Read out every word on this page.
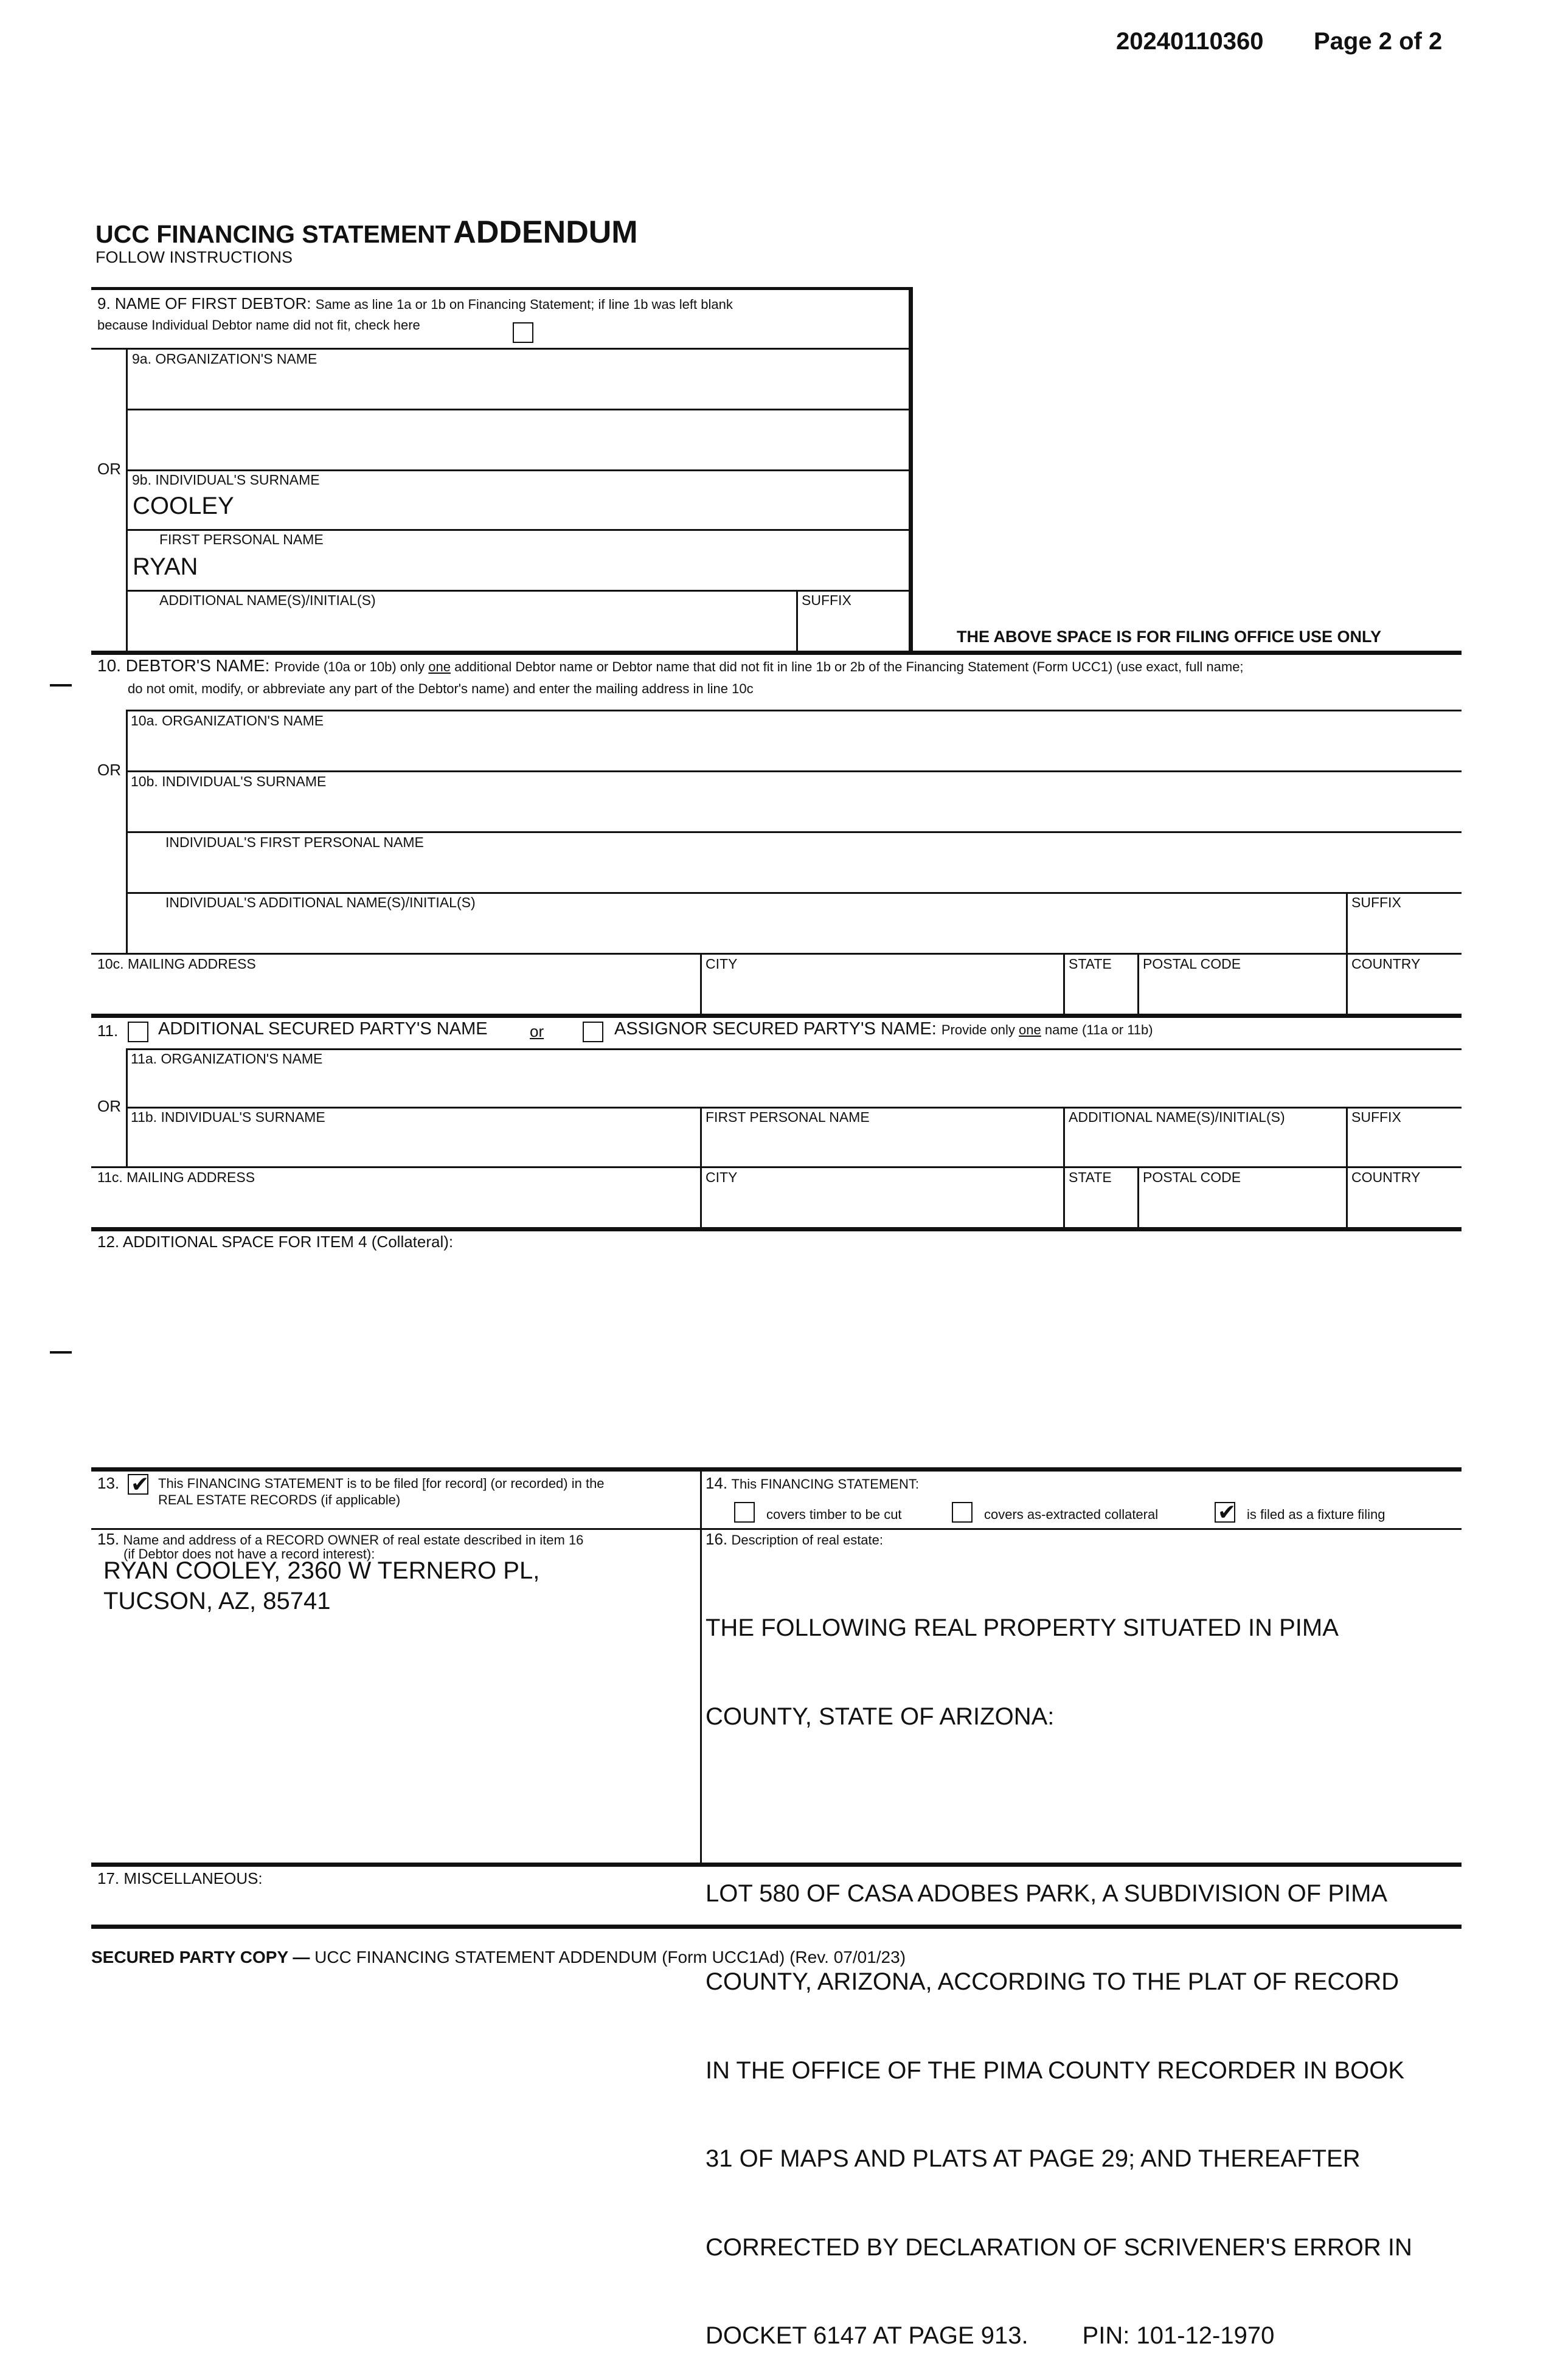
20240110360 Page 2 of 2
UCC FINANCING STATEMENT ADDENDUM
FOLLOW INSTRUCTIONS
9. NAME OF FIRST DEBTOR: Same as line 1a or 1b on Financing Statement; if line 1b was left blank
because Individual Debtor name did not fit, check here
9a. ORGANIZATION'S NAME
OR
9b. INDIVIDUAL'S SURNAME
COOLEY
FIRST PERSONAL NAME
RYAN
ADDITIONAL NAME(S)/INITIAL(S)	SUFFIX
THE ABOVE SPACE IS FOR FILING OFFICE USE ONLY
10. DEBTOR'S NAME: Provide (10a or 10b) only one additional Debtor name or Debtor name that did not fit in line 1b or 2b of the Financing Statement (Form UCC1) (use exact, full name;
do not omit, modify, or abbreviate any part of the Debtor's name) and enter the mailing address in line 10c
10a. ORGANIZATION'S NAME
OR
10b. INDIVIDUAL'S SURNAME
INDIVIDUAL'S FIRST PERSONAL NAME
INDIVIDUAL'S ADDITIONAL NAME(S)/INITIAL(S)	SUFFIX
10c. MAILING ADDRESS	CITY	STATE POSTAL CODE	COUNTRY
11. ADDITIONAL SECURED PARTY'S NAME	or	ASSIGNOR SECURED PARTY'S NAME: Provide only one name (11a or 11b)
11a. ORGANIZATION'S NAME
OR
11b. INDIVIDUAL'S SURNAME	FIRST PERSONAL NAME	ADDITIONAL NAME(S)/INITIAL(S)	SUFFIX
11c. MAILING ADDRESS	CITY	STATE POSTAL CODE	COUNTRY
12. ADDITIONAL SPACE FOR ITEM 4 (Collateral):
13. ✔ This FINANCING STATEMENT is to be filed [for record] (or recorded) in the
REAL ESTATE RECORDS (if applicable)
14. This FINANCING STATEMENT:
covers timber to be cut	covers as-extracted collateral	✔ is filed as a fixture filing
15. Name and address of a RECORD OWNER of real estate described in item 16
(if Debtor does not have a record interest):
RYAN COOLEY, 2360 W TERNERO PL,
TUCSON, AZ, 85741
16. Description of real estate:

THE FOLLOWING REAL PROPERTY SITUATED IN PIMA

COUNTY, STATE OF ARIZONA:

LOT 580 OF CASA ADOBES PARK, A SUBDIVISION OF PIMA

COUNTY, ARIZONA, ACCORDING TO THE PLAT OF RECORD

IN THE OFFICE OF THE PIMA COUNTY RECORDER IN BOOK

31 OF MAPS AND PLATS AT PAGE 29; AND THEREAFTER

CORRECTED BY DECLARATION OF SCRIVENER'S ERROR IN

DOCKET 6147 AT PAGE 913.        PIN: 101-12-1970

17. MISCELLANEOUS:
SECURED PARTY COPY — UCC FINANCING STATEMENT ADDENDUM (Form UCC1Ad) (Rev. 07/01/23)
